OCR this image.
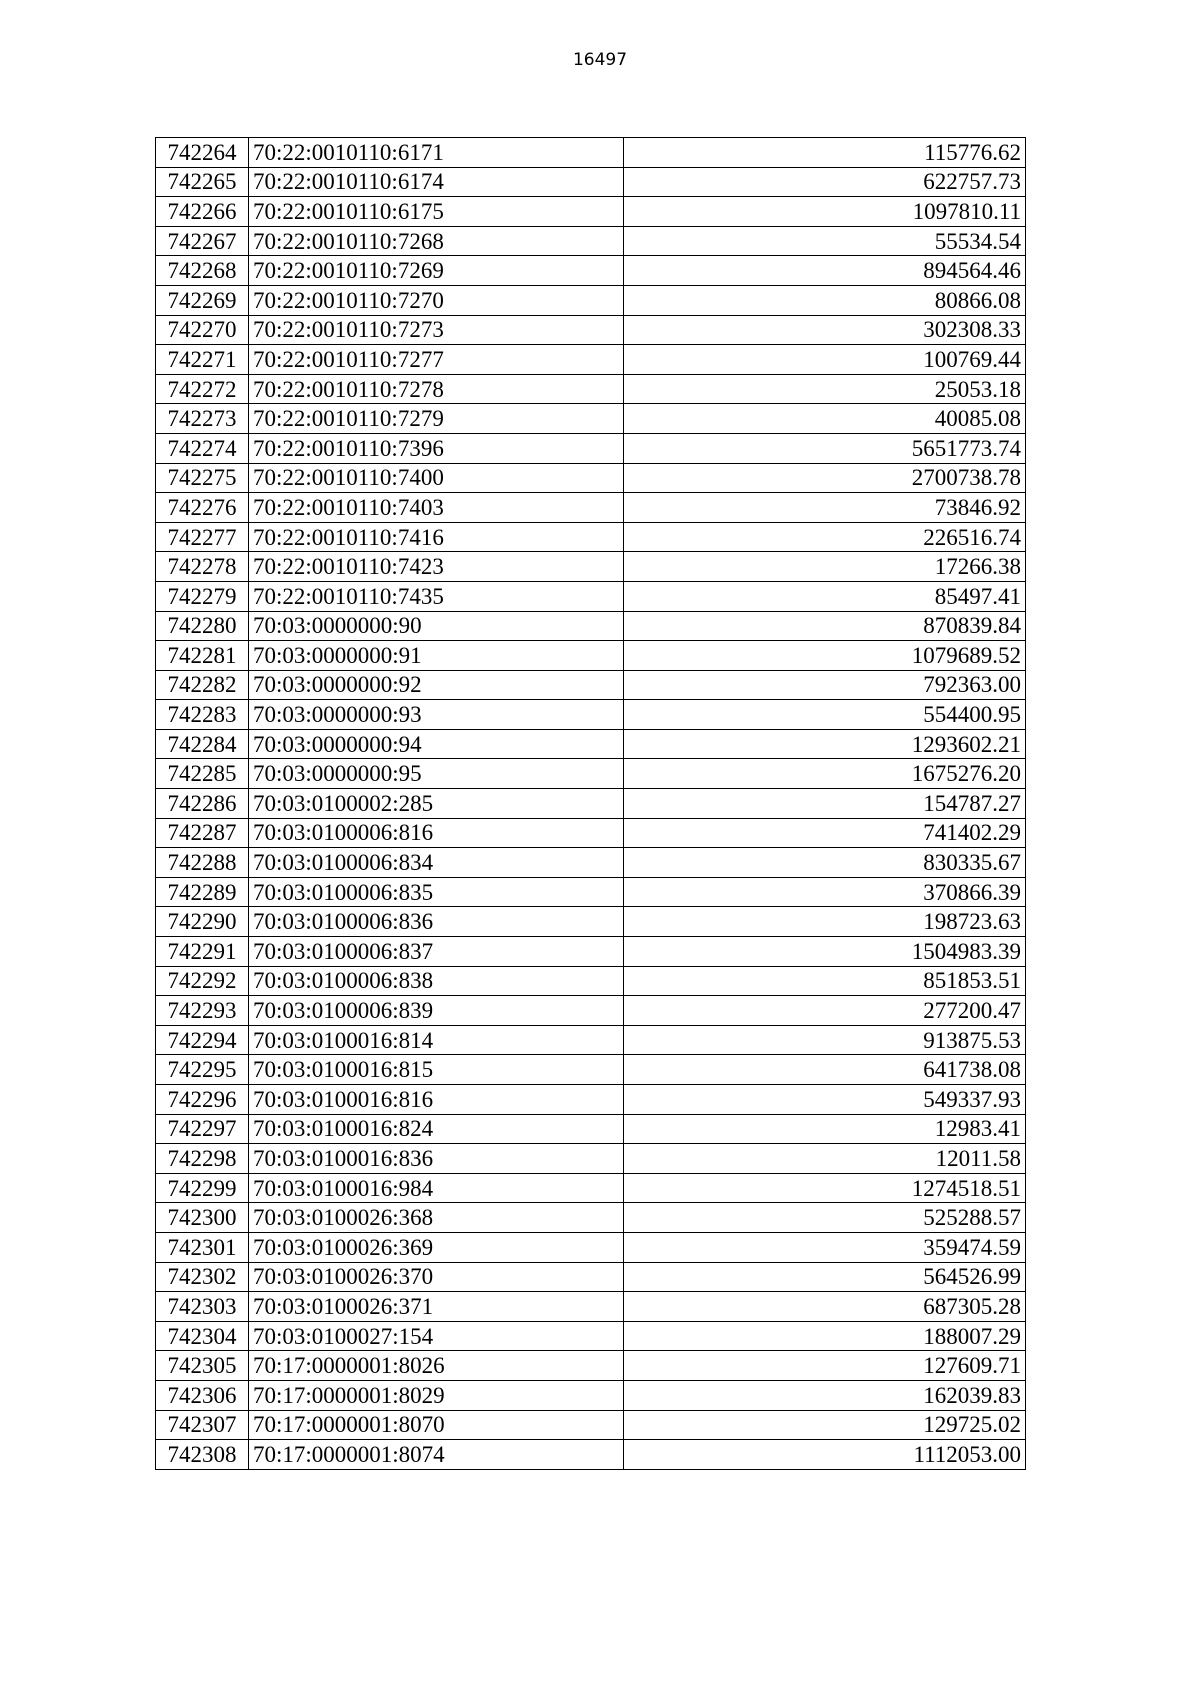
16497
742264	70:22:0010110:6171	115776.62
742265	70:22:0010110:6174	622757.73
742266	70:22:0010110:6175	1097810.11
742267	70:22:0010110:7268	55534.54
742268	70:22:0010110:7269	894564.46
742269	70:22:0010110:7270	80866.08
742270	70:22:0010110:7273	302308.33
742271	70:22:0010110:7277	100769.44
742272	70:22:0010110:7278	25053.18
742273	70:22:0010110:7279	40085.08
742274	70:22:0010110:7396	5651773.74
742275	70:22:0010110:7400	2700738.78
742276	70:22:0010110:7403	73846.92
742277	70:22:0010110:7416	226516.74
742278	70:22:0010110:7423	17266.38
742279	70:22:0010110:7435	85497.41
742280	70:03:0000000:90	870839.84
742281	70:03:0000000:91	1079689.52
742282	70:03:0000000:92	792363.00
742283	70:03:0000000:93	554400.95
742284	70:03:0000000:94	1293602.21
742285	70:03:0000000:95	1675276.20
742286	70:03:0100002:285	154787.27
742287	70:03:0100006:816	741402.29
742288	70:03:0100006:834	830335.67
742289	70:03:0100006:835	370866.39
742290	70:03:0100006:836	198723.63
742291	70:03:0100006:837	1504983.39
742292	70:03:0100006:838	851853.51
742293	70:03:0100006:839	277200.47
742294	70:03:0100016:814	913875.53
742295	70:03:0100016:815	641738.08
742296	70:03:0100016:816	549337.93
742297	70:03:0100016:824	12983.41
742298	70:03:0100016:836	12011.58
742299	70:03:0100016:984	1274518.51
742300	70:03:0100026:368	525288.57
742301	70:03:0100026:369	359474.59
742302	70:03:0100026:370	564526.99
742303	70:03:0100026:371	687305.28
742304	70:03:0100027:154	188007.29
742305	70:17:0000001:8026	127609.71
742306	70:17:0000001:8029	162039.83
742307	70:17:0000001:8070	129725.02
742308	70:17:0000001:8074	1112053.00
